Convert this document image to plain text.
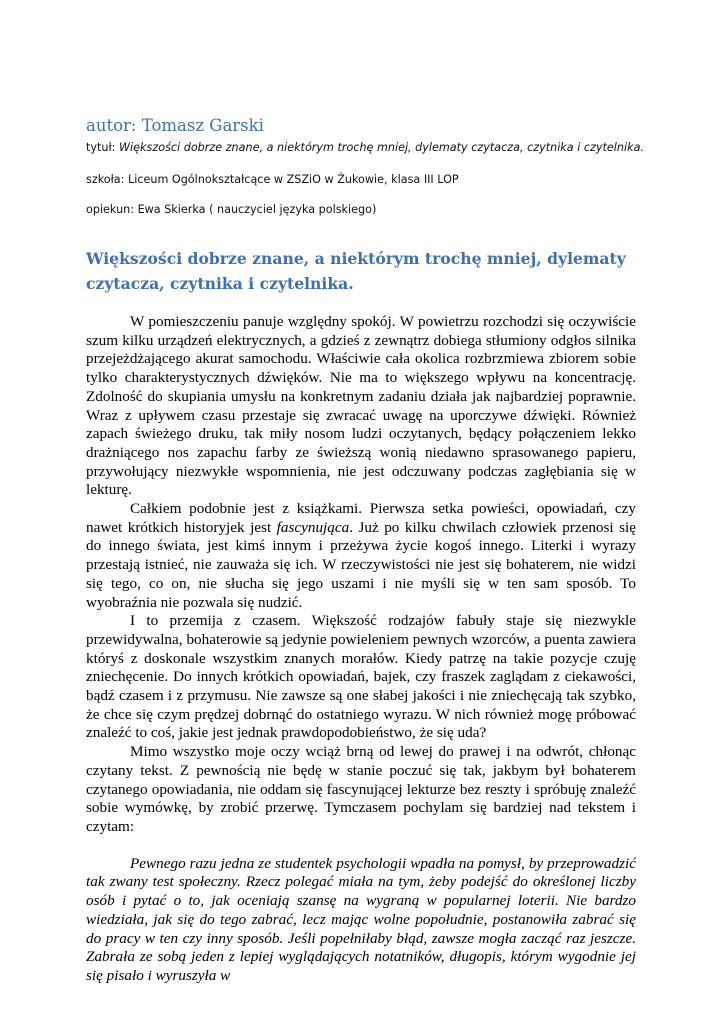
autor: Tomasz Garski

tytuł: Większości dobrze znane, a niektórym trochę mniej, dylematy czytacza, czytnika i czytelnika.

szkoła: Liceum Ogólnokształcące w ZSZiO w Żukowie, klasa III LOP

opiekun: Ewa Skierka ( nauczyciel języka polskiego)

Większości dobrze znane, a niektórym trochę mniej, dylematy czytacza, czytnika i czytelnika.

W pomieszczeniu panuje względny spokój. W powietrzu rozchodzi się oczywiście szum kilku urządzeń elektrycznych, a gdzieś z zewnątrz dobiega stłumiony odgłos silnika przejeżdżającego akurat samochodu. Właściwie cała okolica rozbrzmiewa zbiorem sobie tylko charakterystycznych dźwięków. Nie ma to większego wpływu na koncentrację. Zdolność do skupiania umysłu na konkretnym zadaniu działa jak najbardziej poprawnie. Wraz z upływem czasu przestaje się zwracać uwagę na uporczywe dźwięki. Również zapach świeżego druku, tak miły nosom ludzi oczytanych, będący połączeniem lekko drażniącego nos zapachu farby ze świeższą wonią niedawno sprasowanego papieru, przywołujący niezwykłe wspomnienia, nie jest odczuwany podczas zagłębiania się w lekturę.

Całkiem podobnie jest z książkami. Pierwsza setka powieści, opowiadań, czy nawet krótkich historyjek jest fascynująca. Już po kilku chwilach człowiek przenosi się do innego świata, jest kimś innym i przeżywa życie kogoś innego. Literki i wyrazy przestają istnieć, nie zauważa się ich. W rzeczywistości nie jest się bohaterem, nie widzi się tego, co on, nie słucha się jego uszami i nie myśli się w ten sam sposób. To wyobraźnia nie pozwala się nudzić.

I to przemija z czasem. Większość rodzajów fabuły staje się niezwykle przewidywalna, bohaterowie są jedynie powieleniem pewnych wzorców, a puenta zawiera któryś z doskonale wszystkim znanych morałów. Kiedy patrzę na takie pozycje czuję zniechęcenie. Do innych krótkich opowiadań, bajek, czy fraszek zaglądam z ciekawości, bądź czasem i z przymusu. Nie zawsze są one słabej jakości i nie zniechęcają tak szybko, że chce się czym prędzej dobrnąć do ostatniego wyrazu. W nich również mogę próbować znaleźć to coś, jakie jest jednak prawdopodobieństwo, że się uda?

Mimo wszystko moje oczy wciąż brną od lewej do prawej i na odwrót, chłonąc czytany tekst. Z pewnością nie będę w stanie poczuć się tak, jakbym był bohaterem czytanego opowiadania, nie oddam się fascynującej lekturze bez reszty i spróbuję znaleźć sobie wymówkę, by zrobić przerwę. Tymczasem pochylam się bardziej nad tekstem i czytam:

Pewnego razu jedna ze studentek psychologii wpadła na pomysł, by przeprowadzić tak zwany test społeczny. Rzecz polegać miała na tym, żeby podejść do określonej liczby osób i pytać o to, jak oceniają szansę na wygraną w popularnej loterii. Nie bardzo wiedziała, jak się do tego zabrać, lecz mając wolne popołudnie, postanowiła zabrać się do pracy w ten czy inny sposób. Jeśli popełniłaby błąd, zawsze mogła zacząć raz jeszcze. Zabrała ze sobą jeden z lepiej wyglądających notatników, długopis, którym wygodnie jej się pisało i wyruszyła w
